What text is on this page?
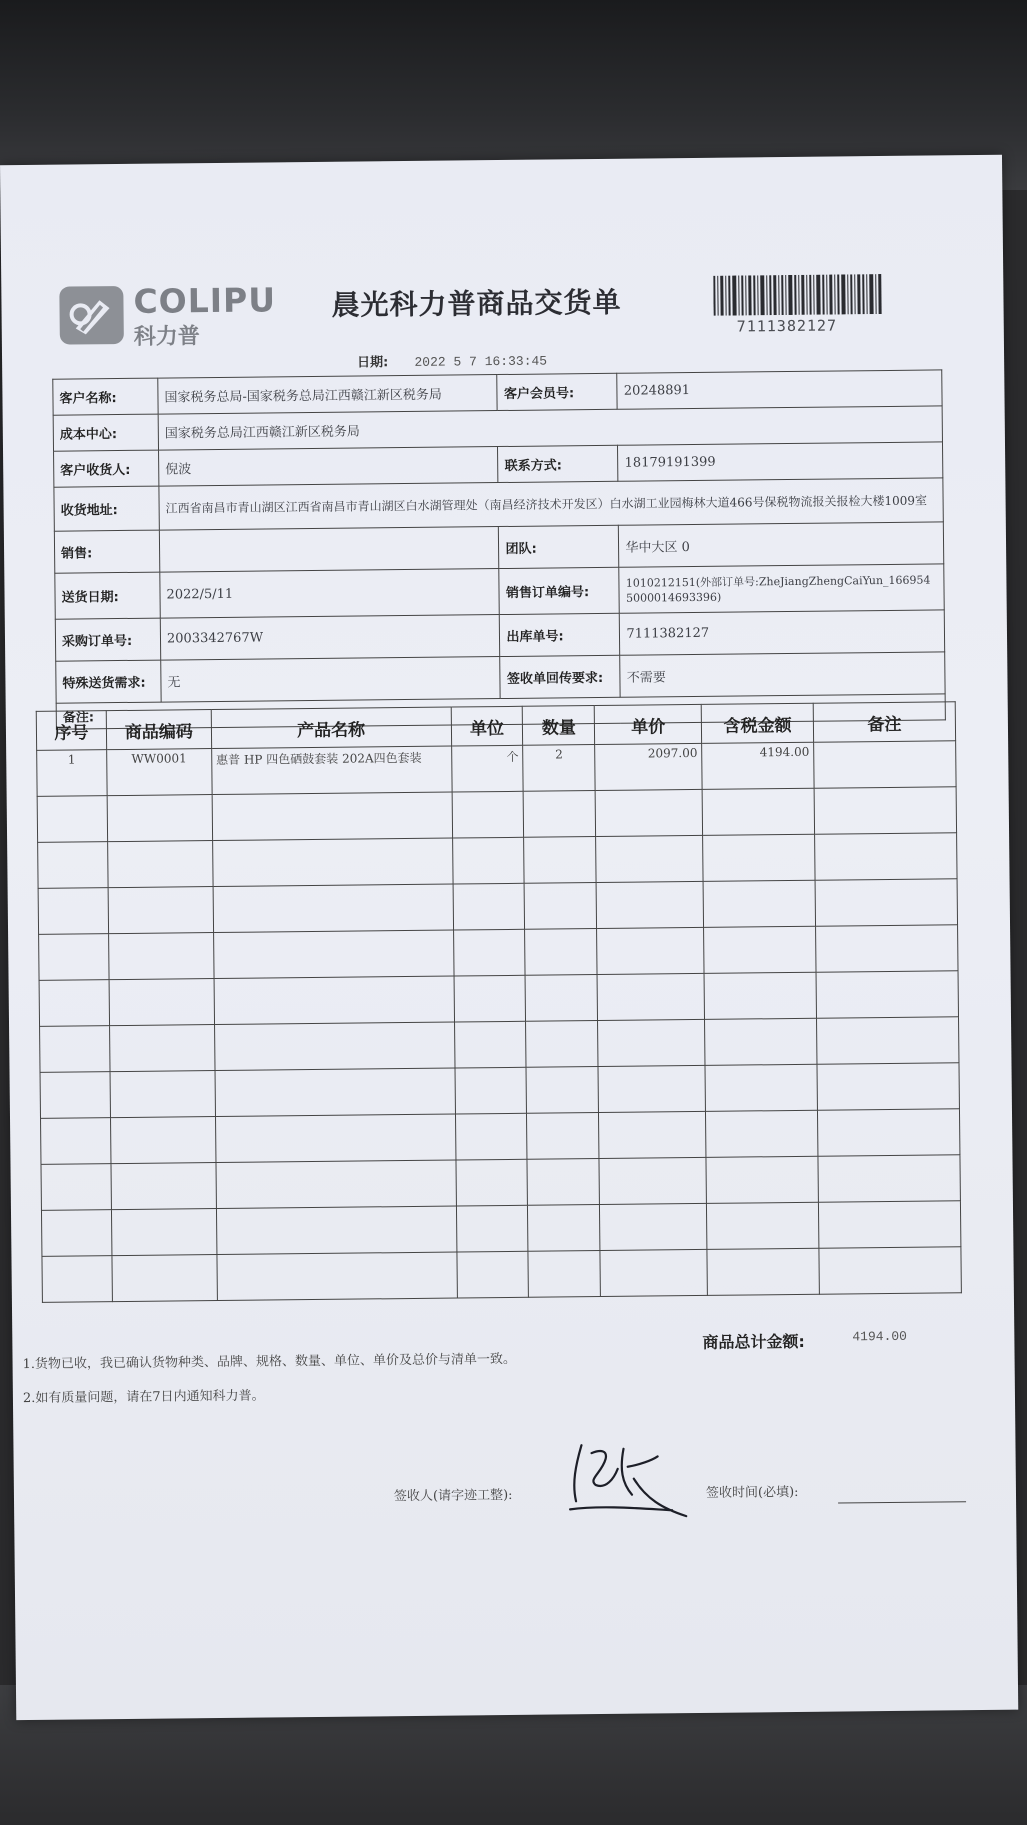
COLIPU
科力普
晨光科力普商品交货单
7111382127
日期: 2022 5 7 16:33:45
客户名称:	国家税务总局-国家税务总局江西赣江新区税务局	客户会员号:	20248891
成本中心:	国家税务总局江西赣江新区税务局		
客户收货人:	倪波	联系方式:	18179191399
收货地址:	江西省南昌市青山湖区江西省南昌市青山湖区白水湖管理处（南昌经济技术开发区）白水湖工业园梅林大道466号保税物流报关报检大楼1009室		
销售:		团队:	华中大区 0
送货日期:	2022/5/11	销售订单编号:	1010212151(外部订单号:ZheJiangZhengCaiYun_1669545000014693396)
采购订单号:	2003342767W	出库单号:	7111382127
特殊送货需求:	无	签收单回传要求:	不需要
备注:			
序号	商品编码	产品名称	单位	数量	单价	含税金额	备注
1	WW0001	惠普 HP 四色硒鼓套装 202A四色套装	个	2	2097.00	4194.00	

商品总计金额:	4194.00
1.货物已收，我已确认货物种类、品牌、规格、数量、单位、单价及总价与清单一致。
2.如有质量问题，请在7日内通知科力普。
签收人(请字迹工整):	签收时间(必填):
